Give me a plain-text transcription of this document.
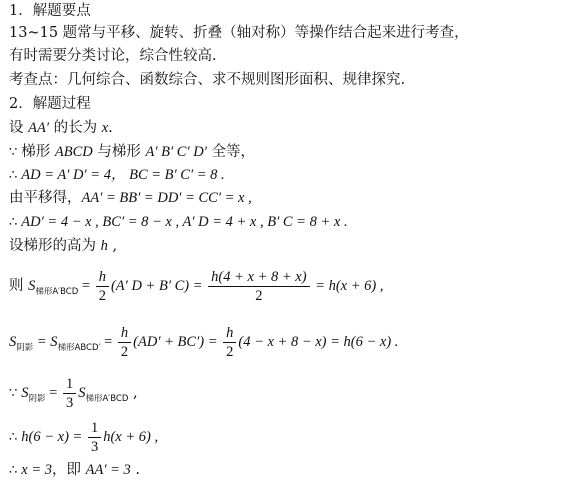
1．解题要点
13~15 题常与平移、旋转、折叠（轴对称）等操作结合起来进行考查，
有时需要分类讨论，综合性较高.
考查点：几何综合、函数综合、求不规则图形面积、规律探究.
2．解题过程
设 AA′ 的长为 x.
∵ 梯形 ABCD 与梯形 A′ B′ C′ D′ 全等，
∴ AD = A′ D′ = 4， BC = B′ C′ = 8 .
由平移得，AA′ = BB′ = DD′ = CC′ = x ,
∴ AD′ = 4 − x , BC′ = 8 − x , A′ D = 4 + x , B′ C = 8 + x .
设梯形的高为 h ,
则 $S_{梯形A'BCD} = \frac{h}{2} (A'$ D + B′ $C) = \frac{h(4 + x + 8 + x)}{2} = h(x + 6)$ ,
$S_{阴影} = S_{梯形ABCD'} = \frac{h}{2} (AD' + BC') = \frac{h}{2} (4 - x + 8 - x) = h(6 - x)$ .
∵ $S_{阴影} = \frac{1}{3} S_{梯形A'BCD}$ ,
∴ $h(6 - x) = \frac{1}{3} h(x + 6)$ ,
∴ x = 3，即 AA′ = 3 .
